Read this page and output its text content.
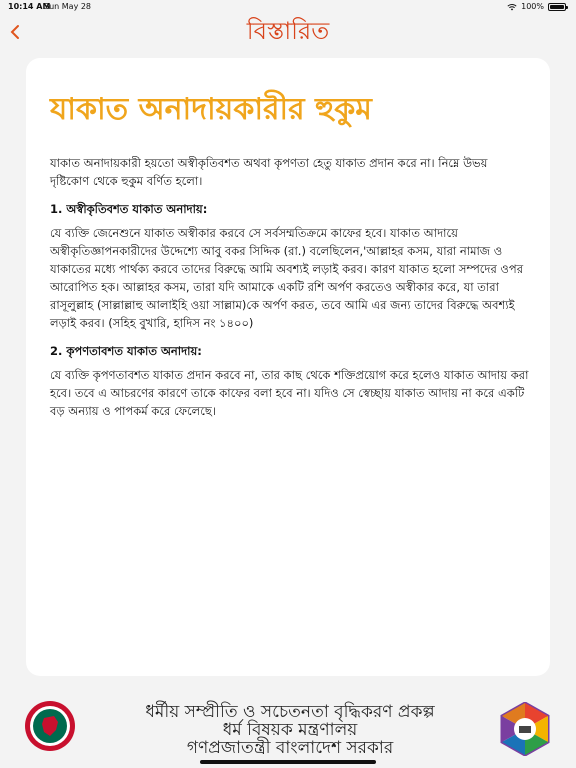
10:14 AM
Sun May 28	100%
বিস্তারিত
যাকাত অনাদায়কারীর হুকুম

যাকাত অনাদায়কারী হয়তো অস্বীকৃতিবশত অথবা কৃপণতা হেতু যাকাত প্রদান করে না। নিম্নে উভয় দৃষ্টিকোণ থেকে হুকুম বর্ণিত হলো।

1. অস্বীকৃতিবশত যাকাত অনাদায়:

যে ব্যক্তি জেনেশুনে যাকাত অস্বীকার করবে সে সর্বসম্মতিক্রমে কাফের হবে। যাকাত আদায়ে অস্বীকৃতিজ্ঞাপনকারীদের উদ্দেশ্যে আবু বকর সিদ্দিক (রা.) বলেছিলেন,'আল্লাহর কসম, যারা নামাজ ও যাকাতের মধ্যে পার্থক্য করবে তাদের বিরুদ্ধে আমি অবশ্যই লড়াই করব। কারণ যাকাত হলো সম্পদের ওপর আরোপিত হক। আল্লাহর কসম, তারা যদি আমাকে একটি রশি অর্পণ করতেও অস্বীকার করে, যা তারা রাসূলুল্লাহ (সাল্লাল্লাহু আলাইহি ওয়া সাল্লাম)কে অর্পণ করত, তবে আমি এর জন্য তাদের বিরুদ্ধে অবশ্যই লড়াই করব। (সহিহ বুখারি, হাদিস নং ১৪০০)

2. কৃপণতাবশত যাকাত অনাদায়:

যে ব্যক্তি কৃপণতাবশত যাকাত প্রদান করবে না, তার কাছ থেকে শক্তিপ্রয়োগ করে হলেও যাকাত আদায় করা হবে। তবে এ আচরণের কারণে তাকে কাফের বলা হবে না। যদিও সে স্বেচ্ছায় যাকাত আদায় না করে একটি বড় অন্যায় ও পাপকর্ম করে ফেলেছে।

ধর্মীয় সম্প্রীতি ও সচেতনতা বৃদ্ধিকরণ প্রকল্প
ধর্ম বিষয়ক মন্ত্রণালয়
গণপ্রজাতন্ত্রী বাংলাদেশ সরকার
